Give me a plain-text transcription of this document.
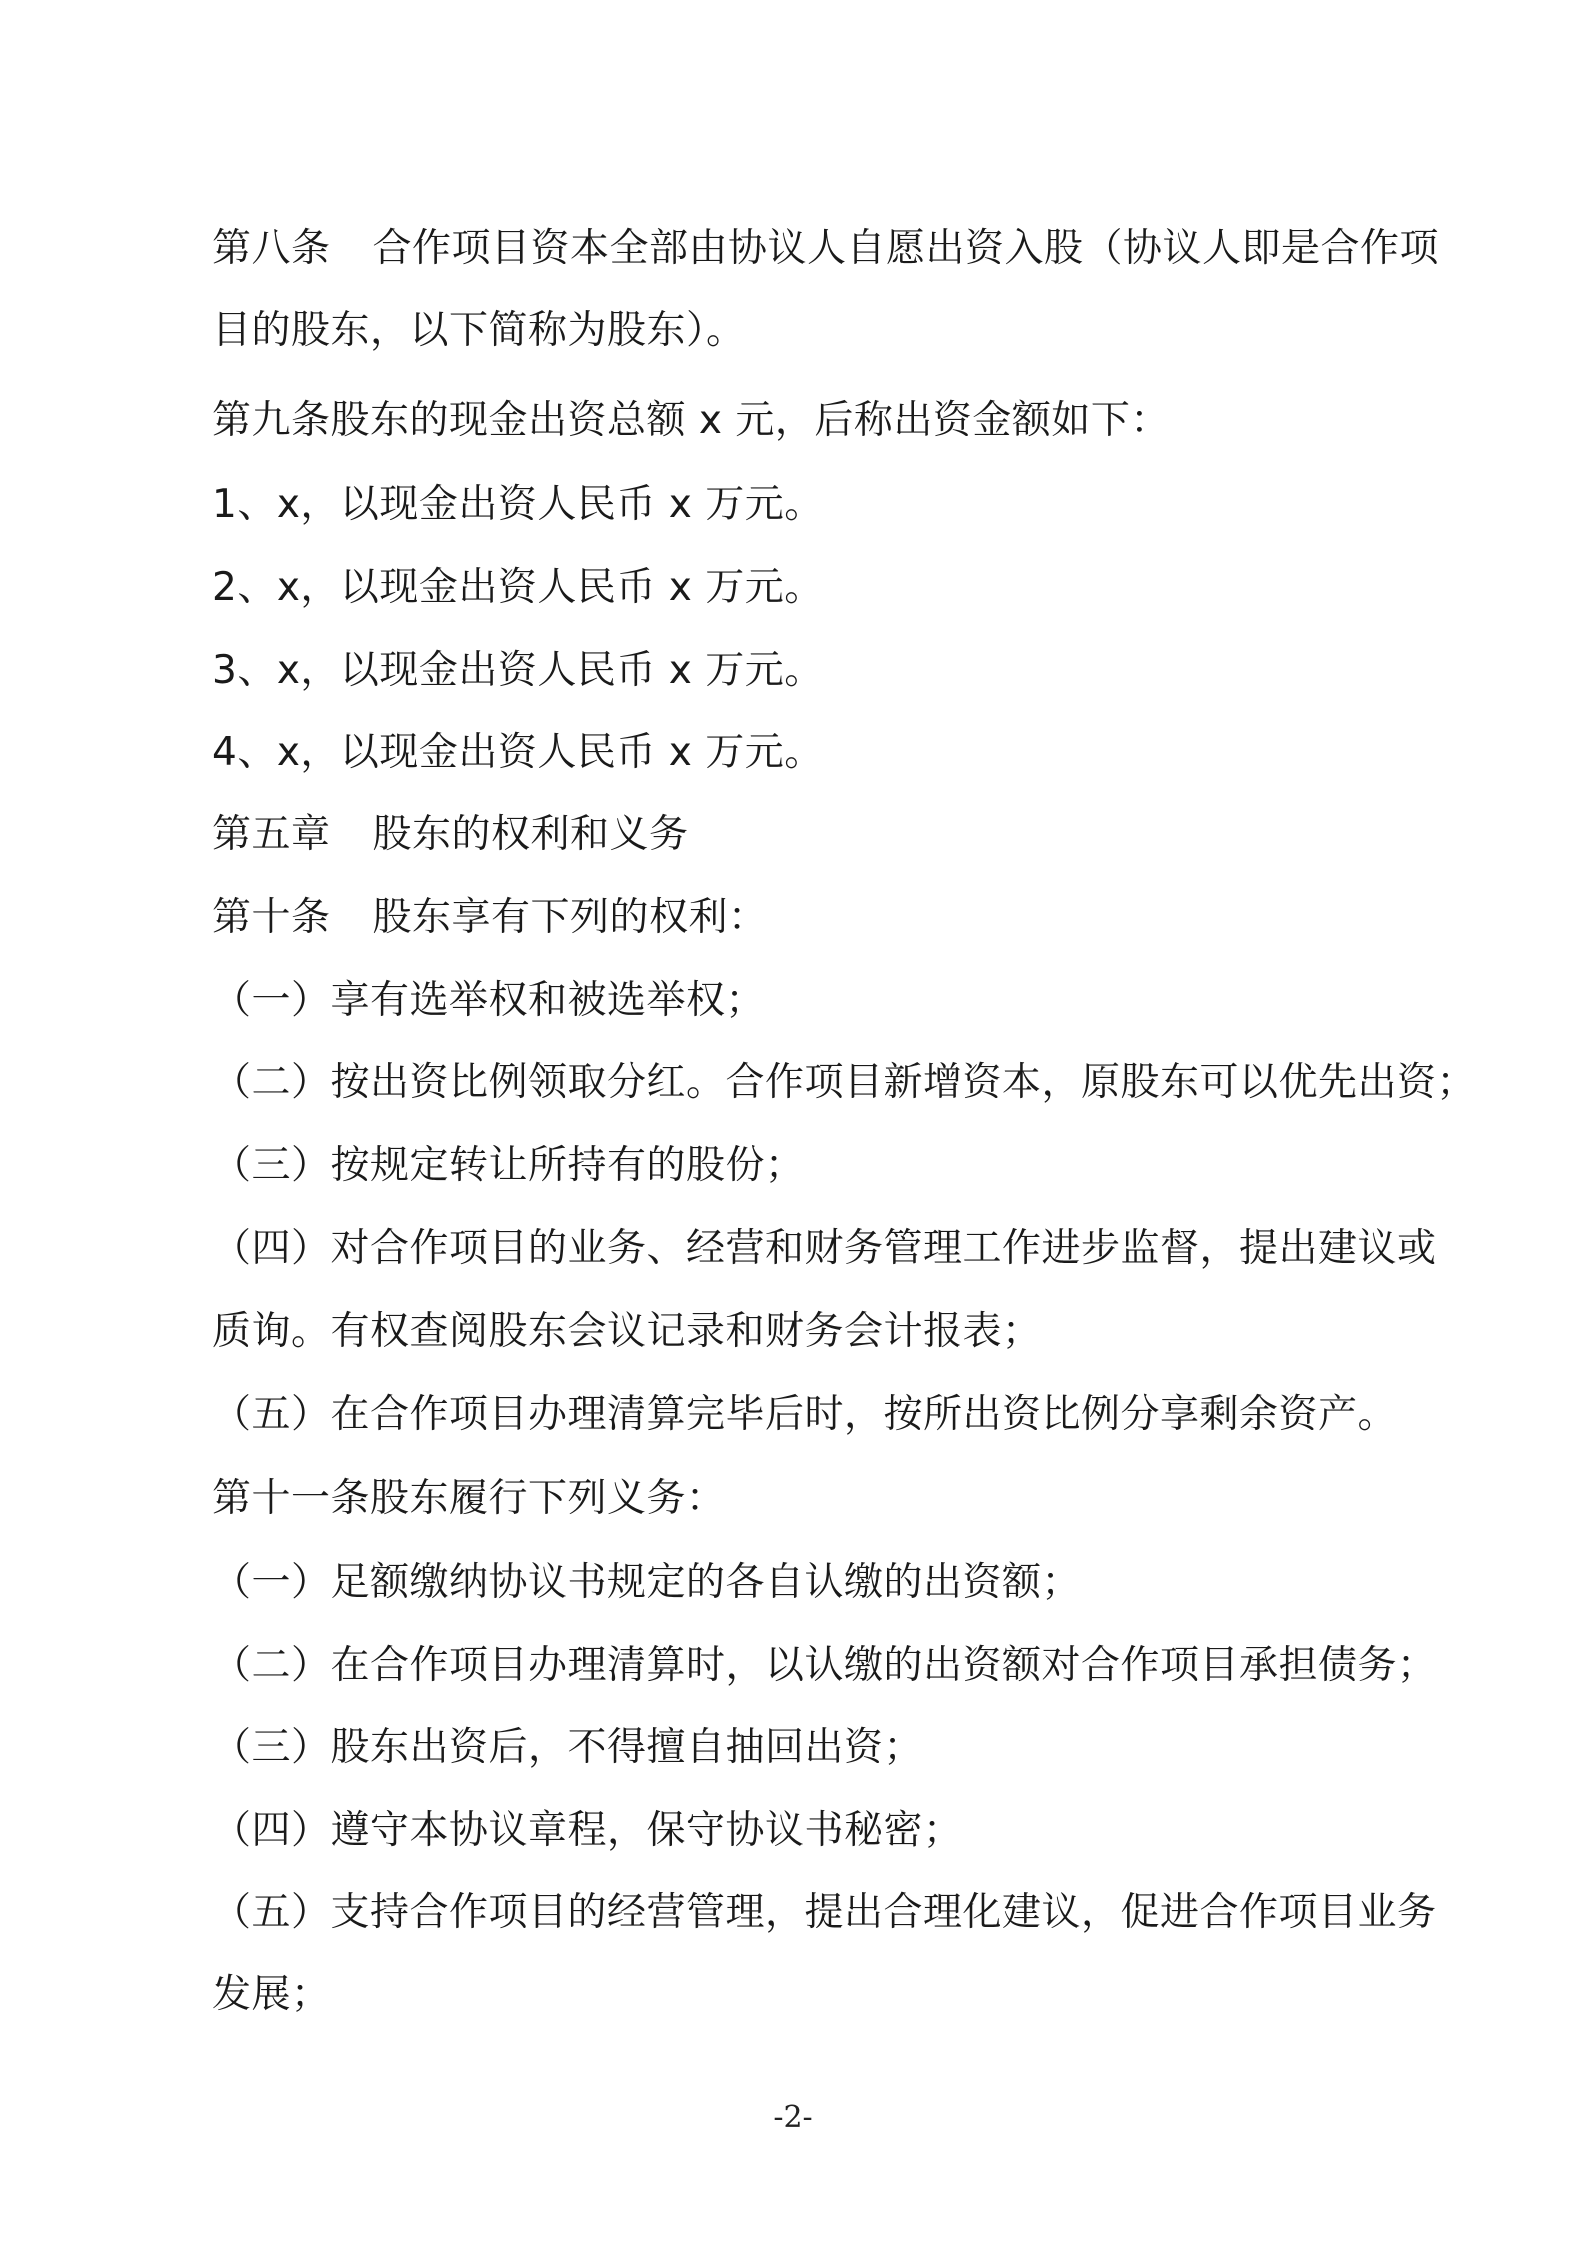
第八条 合作项目资本全部由协议人自愿出资入股（协议人即是合作项
目的股东，以下简称为股东）。
第九条股东的现金出资总额 x 元，后称出资金额如下：
1、x，以现金出资人民币 x 万元。
2、x，以现金出资人民币 x 万元。
3、x，以现金出资人民币 x 万元。
4、x，以现金出资人民币 x 万元。
第五章 股东的权利和义务
第十条 股东享有下列的权利：
（一）享有选举权和被选举权；
（二）按出资比例领取分红。合作项目新增资本，原股东可以优先出资；
（三）按规定转让所持有的股份；
（四）对合作项目的业务、经营和财务管理工作进步监督，提出建议或
质询。有权查阅股东会议记录和财务会计报表；
（五）在合作项目办理清算完毕后时，按所出资比例分享剩余资产。
第十一条股东履行下列义务：
（一）足额缴纳协议书规定的各自认缴的出资额；
（二）在合作项目办理清算时，以认缴的出资额对合作项目承担债务；
（三）股东出资后，不得擅自抽回出资；
（四）遵守本协议章程，保守协议书秘密；
（五）支持合作项目的经营管理，提出合理化建议，促进合作项目业务
发展；
-2-
